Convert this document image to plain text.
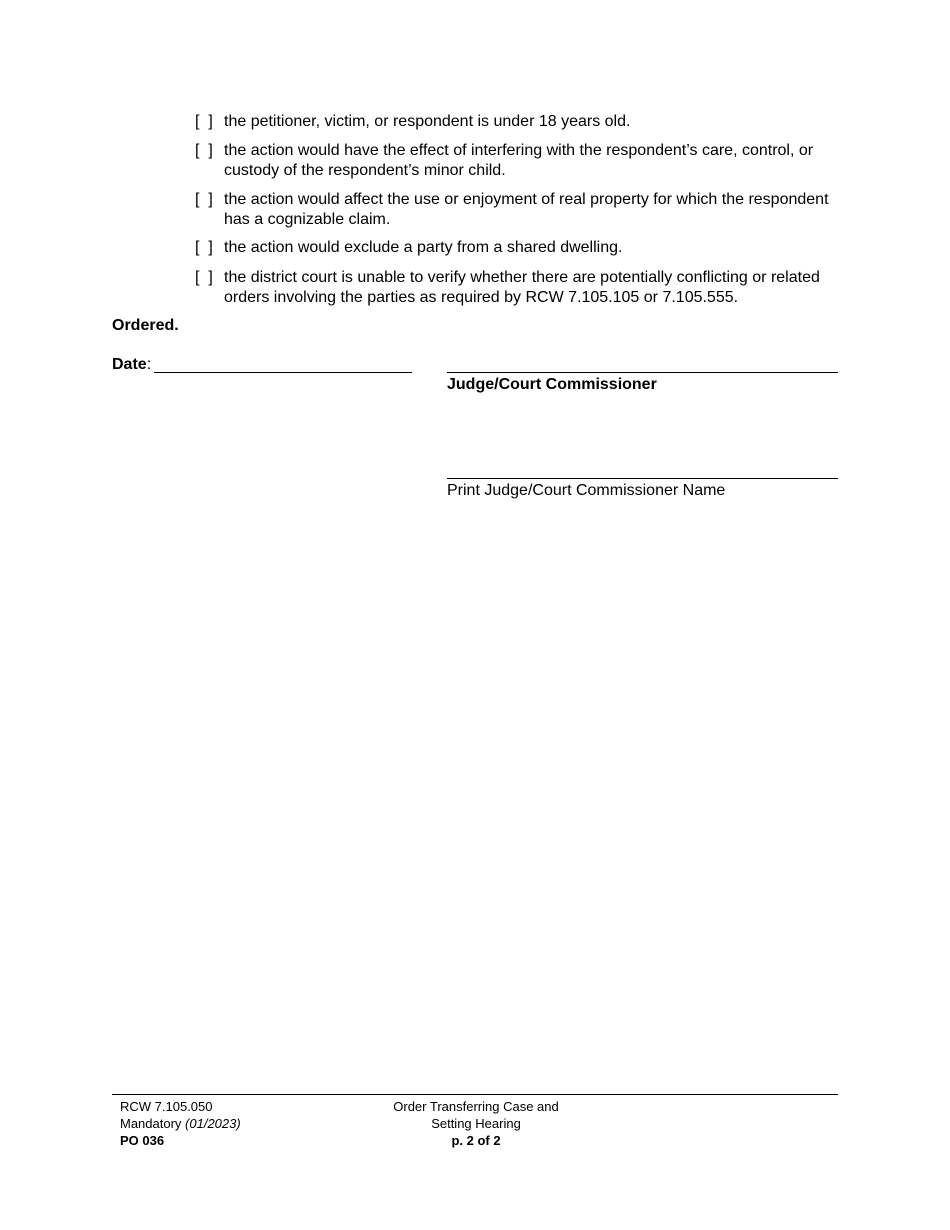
[  ] the petitioner, victim, or respondent is under 18 years old.
[  ] the action would have the effect of interfering with the respondent’s care, control, or custody of the respondent’s minor child.
[  ] the action would affect the use or enjoyment of real property for which the respondent has a cognizable claim.
[  ] the action would exclude a party from a shared dwelling.
[  ] the district court is unable to verify whether there are potentially conflicting or related orders involving the parties as required by RCW 7.105.105 or 7.105.555.
Ordered.
Date:
Judge/Court Commissioner
Print Judge/Court Commissioner Name
RCW 7.105.050
Mandatory (01/2023)
PO 036
Order Transferring Case and
Setting Hearing
p. 2 of 2
